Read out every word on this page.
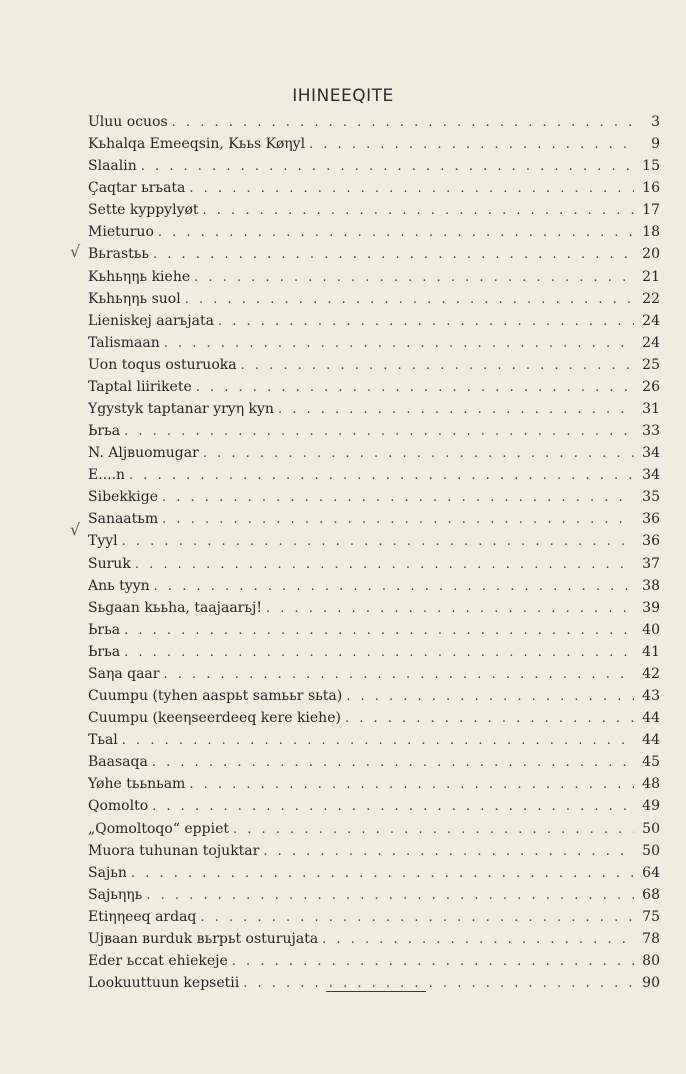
IHINEEQITE
√
√
Uluu ocuos . . .	3
Kьhalqa Emeeqsin, Kььs Køηyl . . .	9
Slaalin . . .	15
Çaqtar ьrьata . . .	16
Sette kyppylyøt . . .	17
Mieturuo . . .	18
Bьrastьь . . .	20
Kьhьηηь kiehe . . .	21
Kьhьηηь suol . . .	22
Lieniskej aarьjata . . .	24
Talismaan . . .	24
Uon toqus osturuoka . . .	25
Taptal liirikete . . .	26
Ygystyk taptanar yryη kyn . . .	31
Ьrьa . . .	33
N. Aljвuomugar . . .	34
E....n . . .	34
Sibekkige . . .	35
Sanaatьm . . .	36
Tyyl . . .	36
Suruk . . .	37
Anь tyyn . . .	38
Sьgaan kььha, taajaarьj! . . .	39
Ьrьa . . .	40
Ьrьa . . .	41
Saηa qaar . . .	42
Cuumpu (tyhen aaspьt samььr sьta) . . .	43
Cuumpu (keeηseerdeeq kere kiehe) . . .	44
Tьal . . .	44
Baasaqa . . .	45
Yøhe tььnьam . . .	48
Qomolto . . .	49
„Qomoltoqo“ eppiet . . .	50
Muora tuhunan tojuktar . . .	50
Sajьn . . .	64
Sajьηηь . . .	68
Etiηηeeq ardaq . . .	75
Ujвaan вurduk вьrpьt osturujata . . .	78
Eder ьccat ehiekeje . . .	80
Lookuuttuun kepsetii . . .	90
